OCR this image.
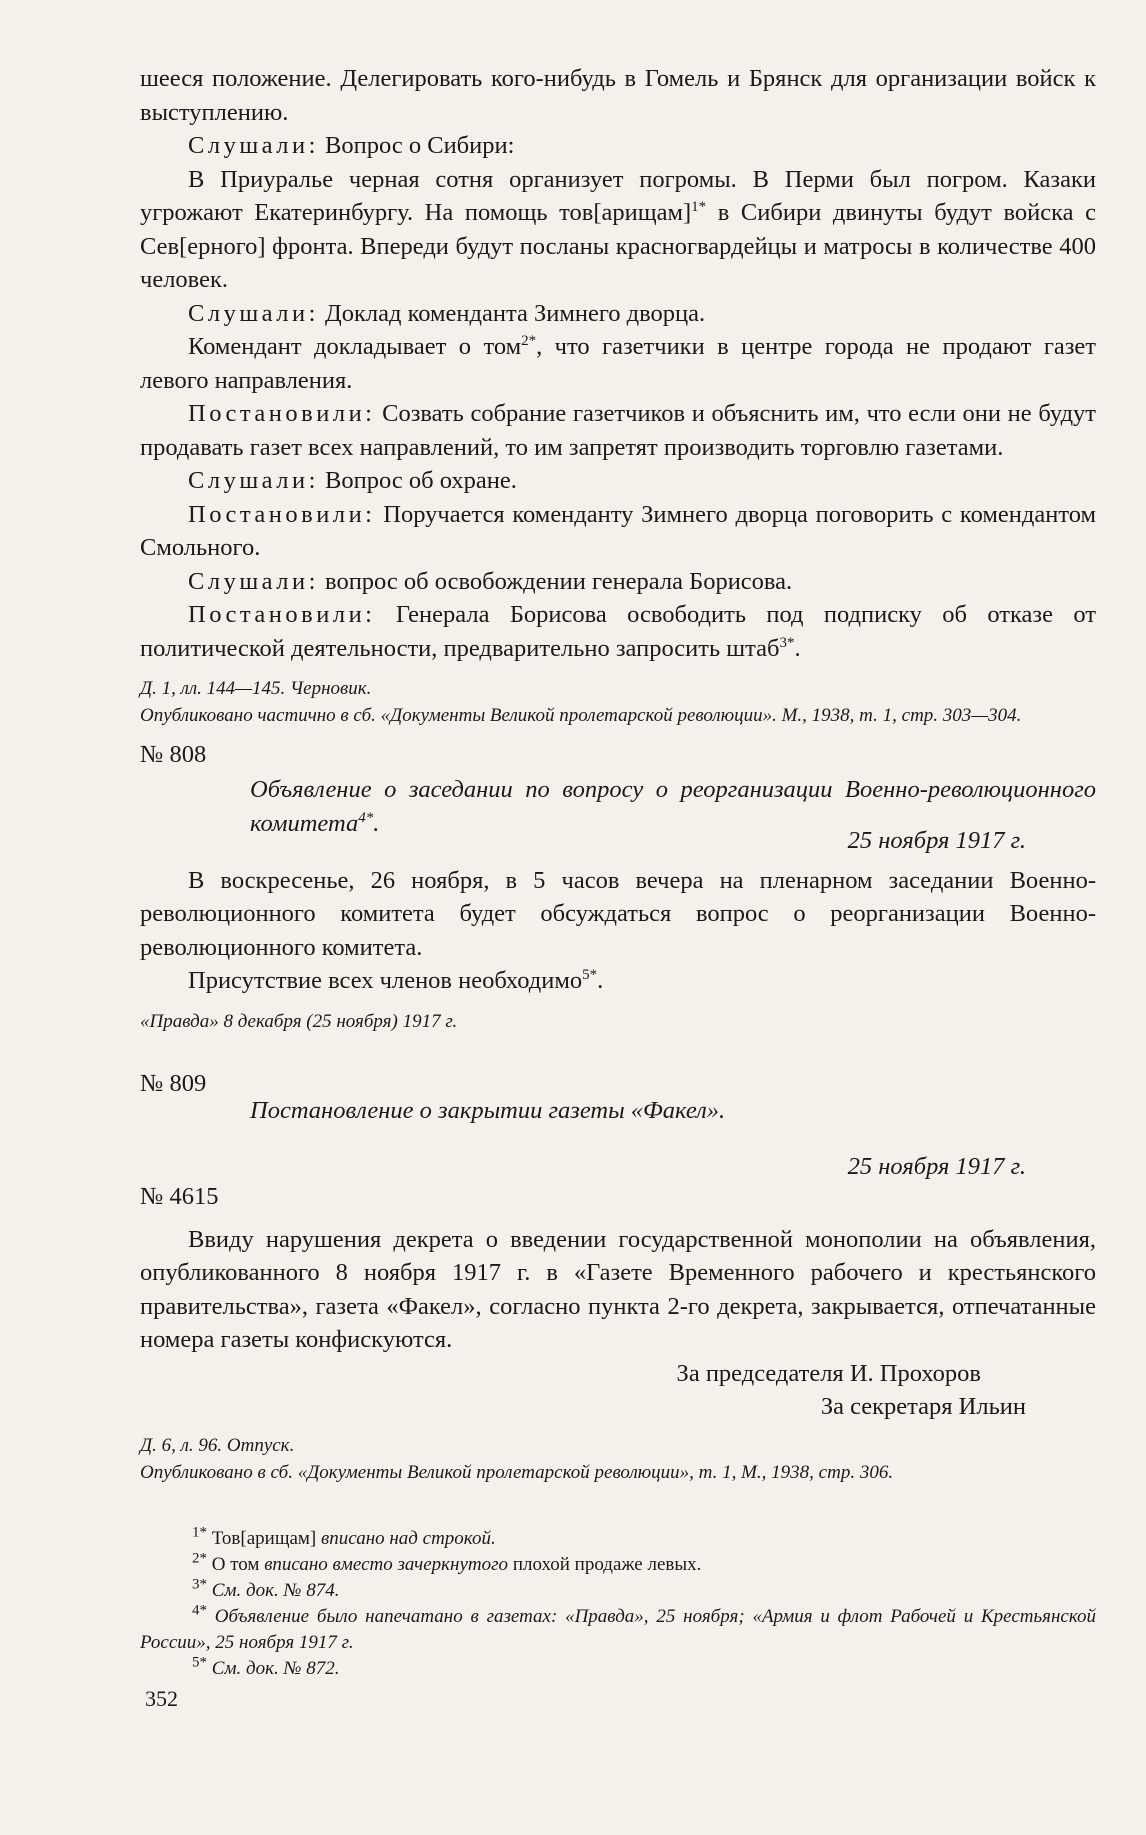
шееся положение. Делегировать кого-нибудь в Гомель и Брянск для организации войск к выступлению.

Слушали: Вопрос о Сибири:

В Приуралье черная сотня организует погромы. В Перми был погром. Казаки угрожают Екатеринбургу. На помощь тов[арищам]$^{1*}$ в Сибири двинуты будут войска с Сев[ерного] фронта. Впереди будут посланы красногвардейцы и матросы в количестве 400 человек.

Слушали: Доклад коменданта Зимнего дворца.

Комендант докладывает о том$^{2*}$, что газетчики в центре города не продают газет левого направления.

Постановили: Созвать собрание газетчиков и объяснить им, что если они не будут продавать газет всех направлений, то им запретят производить торговлю газетами.

Слушали: Вопрос об охране.

Постановили: Поручается коменданту Зимнего дворца поговорить с комендантом Смольного.

Слушали: вопрос об освобождении генерала Борисова.

Постановили: Генерала Борисова освободить под подписку об отказе от политической деятельности, предварительно запросить штаб$^{3*}$.

Д. 1, лл. 144—145. Черновик.

Опубликовано частично в сб. «Документы Великой пролетарской революции». М., 1938, т. 1, стр. 303—304.

№ 808

Объявление о заседании по вопросу о реорганизации Военно-революционного комитета$^{4*}$.

25 ноября 1917 г.

В воскресенье, 26 ноября, в 5 часов вечера на пленарном заседании Военно-революционного комитета будет обсуждаться вопрос о реорганизации Военно-революционного комитета.

Присутствие всех членов необходимо$^{5*}$.

«Правда» 8 декабря (25 ноября) 1917 г.

№ 809

Постановление о закрытии газеты «Факел».

25 ноября 1917 г.

№ 4615

Ввиду нарушения декрета о введении государственной монополии на объявления, опубликованного 8 ноября 1917 г. в «Газете Временного рабочего и крестьянского правительства», газета «Факел», согласно пункта 2-го декрета, закрывается, отпечатанные номера газеты конфискуются.

За председателя И. Прохоров

За секретаря Ильин

Д. 6, л. 96. Отпуск.

Опубликовано в сб. «Документы Великой пролетарской революции», т. 1, М., 1938, стр. 306.

$^{1*}$ Тов[арищам] вписано над строкой.

$^{2*}$ О том вписано вместо зачеркнутого плохой продаже левых.

$^{3*}$ См. док. № 874.

$^{4*}$ Объявление было напечатано в газетах: «Правда», 25 ноября; «Армия и флот Рабочей и Крестьянской России», 25 ноября 1917 г.

$^{5*}$ См. док. № 872.

352
